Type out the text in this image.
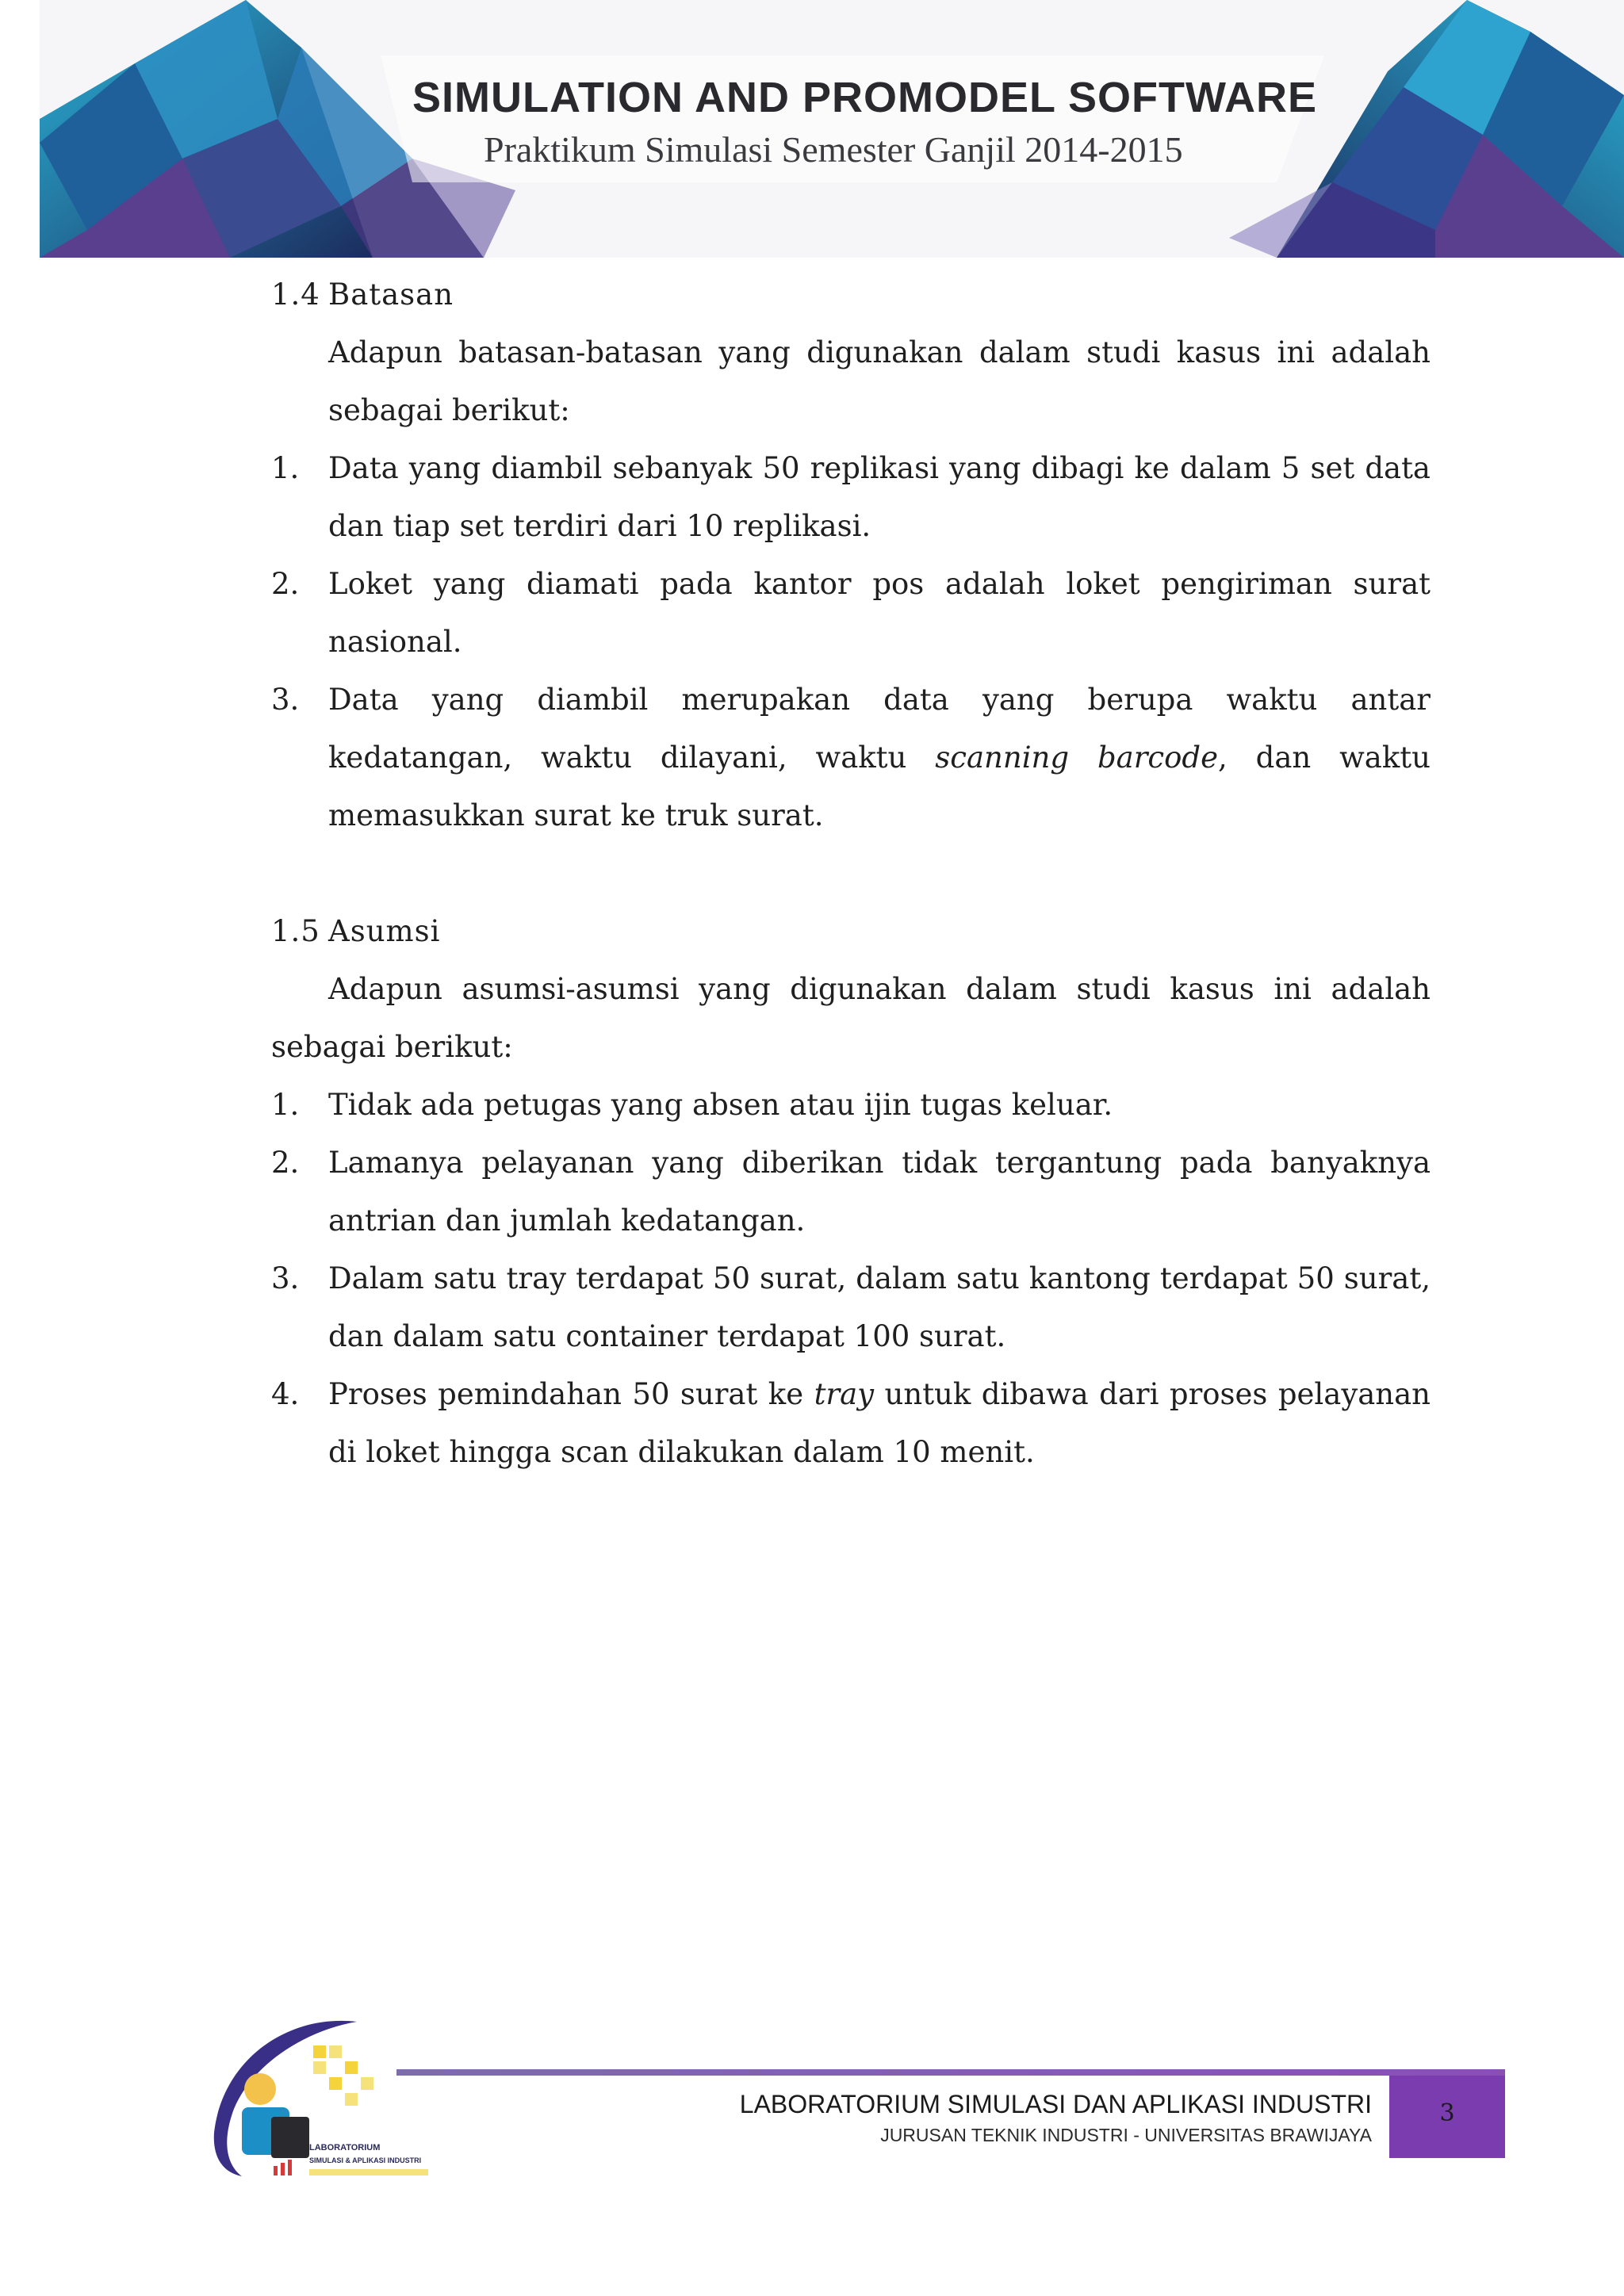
SIMULATION AND PROMODEL SOFTWARE
Praktikum Simulasi Semester Ganjil 2014-2015
1.4 Batasan
Adapun batasan-batasan yang digunakan dalam studi kasus ini adalah sebagai berikut:
1. Data yang diambil sebanyak 50 replikasi yang dibagi ke dalam 5 set data dan tiap set terdiri dari 10 replikasi.
2. Loket yang diamati pada kantor pos adalah loket pengiriman surat nasional.
3. Data yang diambil merupakan data yang berupa waktu antar kedatangan, waktu dilayani, waktu scanning barcode, dan waktu memasukkan surat ke truk surat.
1.5 Asumsi
Adapun asumsi-asumsi yang digunakan dalam studi kasus ini adalah sebagai berikut:
1. Tidak ada petugas yang absen atau ijin tugas keluar.
2. Lamanya pelayanan yang diberikan tidak tergantung pada banyaknya antrian dan jumlah kedatangan.
3. Dalam satu tray terdapat 50 surat, dalam satu kantong terdapat 50 surat, dan dalam satu container terdapat 100 surat.
4. Proses pemindahan 50 surat ke tray untuk dibawa dari proses pelayanan di loket hingga scan dilakukan dalam 10 menit.
LABORATORIUM
SIMULASI & APLIKASI INDUSTRI
LABORATORIUM SIMULASI DAN APLIKASI INDUSTRI
JURUSAN TEKNIK INDUSTRI - UNIVERSITAS BRAWIJAYA
3
